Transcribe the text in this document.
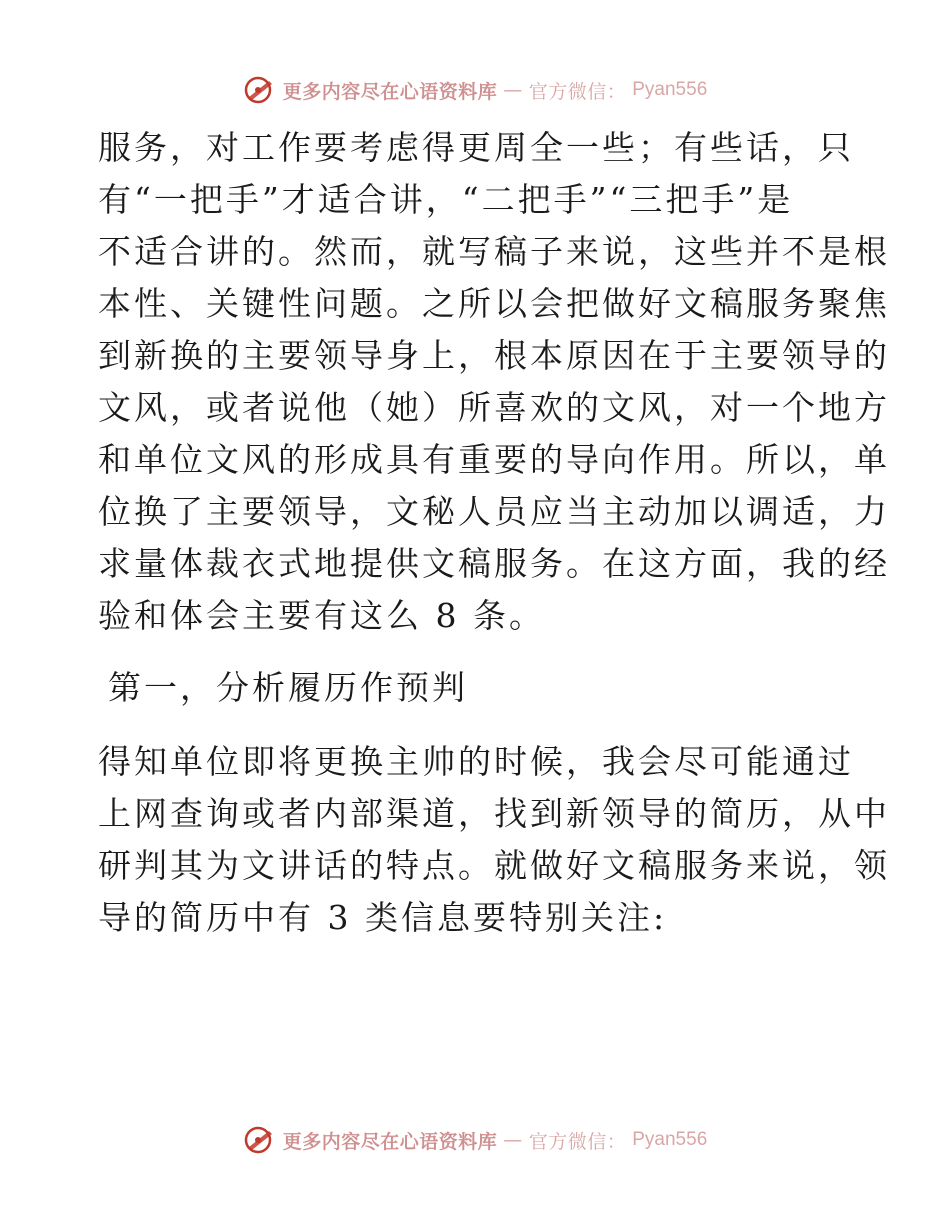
更多内容尽在心语资料库 — 官方微信： Pyan556

服务，对工作要考虑得更周全一些；有些话，只
有“一把手”才适合讲，“二把手”“三把手”是
不适合讲的。然而，就写稿子来说，这些并不是根
本性、关键性问题。之所以会把做好文稿服务聚焦
到新换的主要领导身上，根本原因在于主要领导的
文风，或者说他（她）所喜欢的文风，对一个地方
和单位文风的形成具有重要的导向作用。所以，单
位换了主要领导，文秘人员应当主动加以调适，力
求量体裁衣式地提供文稿服务。在这方面，我的经
验和体会主要有这么 8 条。

第一，分析履历作预判

得知单位即将更换主帅的时候，我会尽可能通过
上网查询或者内部渠道，找到新领导的简历，从中
研判其为文讲话的特点。就做好文稿服务来说，领
导的简历中有 3 类信息要特别关注:

更多内容尽在心语资料库 — 官方微信： Pyan556
